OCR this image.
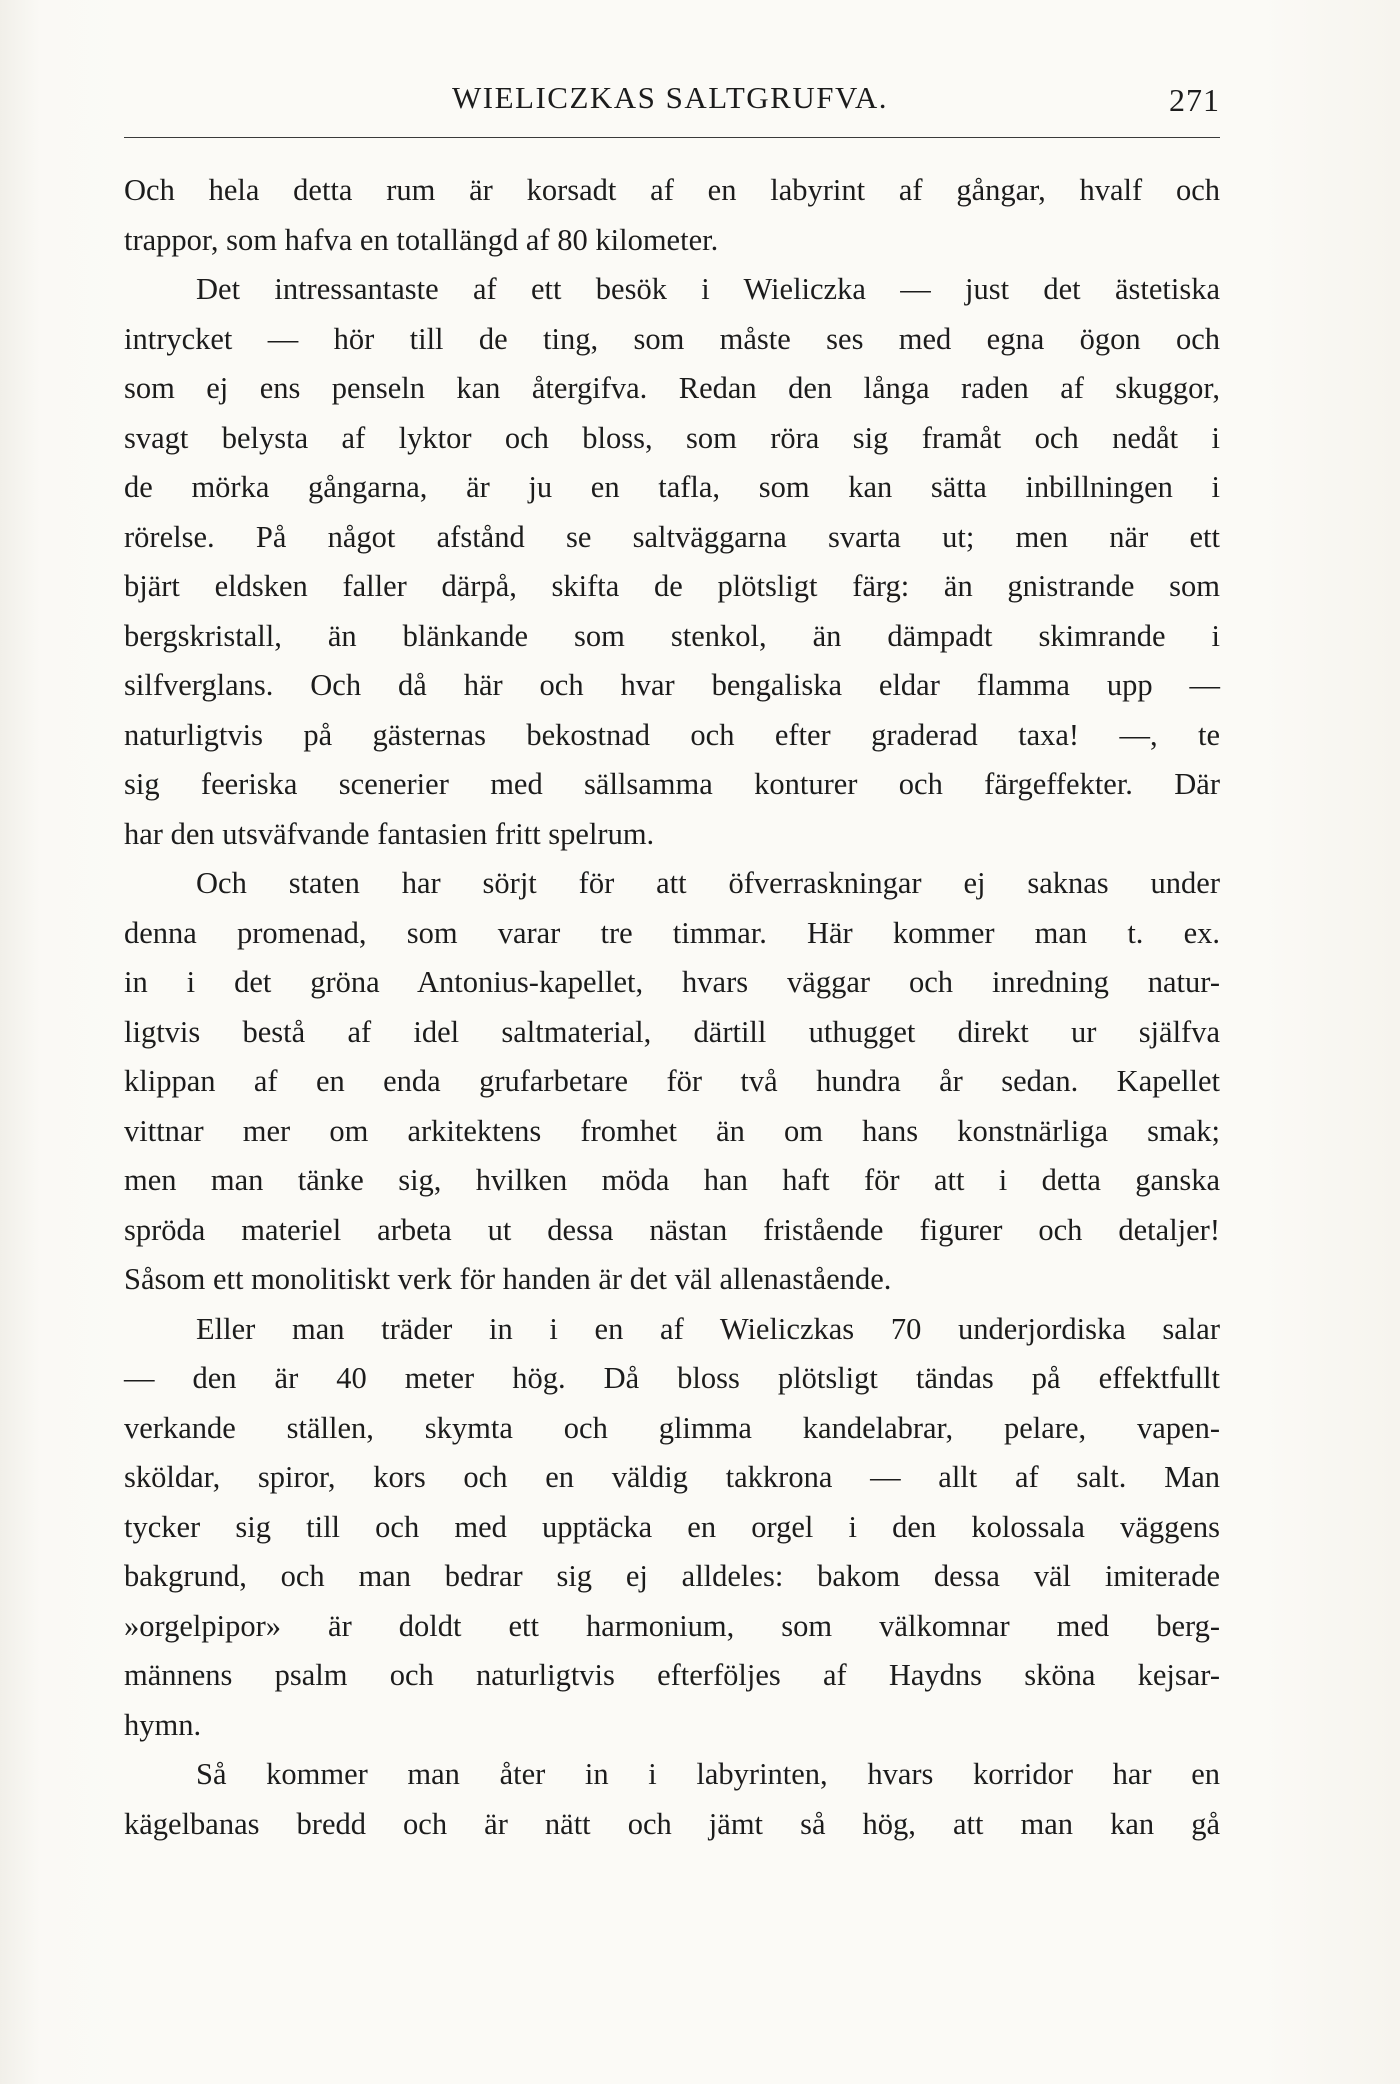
WIELICZKAS SALTGRUFVA.	271
Och hela detta rum är korsadt af en labyrint af gångar, hvalf och
trappor, som hafva en totallängd af 80 kilometer.
Det intressantaste af ett besök i Wieliczka — just det ästetiska
intrycket — hör till de ting, som måste ses med egna ögon och
som ej ens penseln kan återgifva. Redan den långa raden af skuggor,
svagt belysta af lyktor och bloss, som röra sig framåt och nedåt i
de mörka gångarna, är ju en tafla, som kan sätta inbillningen i
rörelse. På något afstånd se saltväggarna svarta ut; men när ett
bjärt eldsken faller därpå, skifta de plötsligt färg: än gnistrande som
bergskristall, än blänkande som stenkol, än dämpadt skimrande i
silfverglans. Och då här och hvar bengaliska eldar flamma upp —
naturligtvis på gästernas bekostnad och efter graderad taxa! —, te
sig feeriska scenerier med sällsamma konturer och färgeffekter. Där
har den utsväfvande fantasien fritt spelrum.
Och staten har sörjt för att öfverraskningar ej saknas under
denna promenad, som varar tre timmar. Här kommer man t. ex.
in i det gröna Antonius-kapellet, hvars väggar och inredning natur-
ligtvis bestå af idel saltmaterial, därtill uthugget direkt ur själfva
klippan af en enda grufarbetare för två hundra år sedan. Kapellet
vittnar mer om arkitektens fromhet än om hans konstnärliga smak;
men man tänke sig, hvilken möda han haft för att i detta ganska
spröda materiel arbeta ut dessa nästan fristående figurer och detaljer!
Såsom ett monolitiskt verk för handen är det väl allenastående.
Eller man träder in i en af Wieliczkas 70 underjordiska salar
— den är 40 meter hög. Då bloss plötsligt tändas på effektfullt
verkande ställen, skymta och glimma kandelabrar, pelare, vapen-
sköldar, spiror, kors och en väldig takkrona — allt af salt. Man
tycker sig till och med upptäcka en orgel i den kolossala väggens
bakgrund, och man bedrar sig ej alldeles: bakom dessa väl imiterade
»orgelpipor» är doldt ett harmonium, som välkomnar med berg-
männens psalm och naturligtvis efterföljes af Haydns sköna kejsar-
hymn.
Så kommer man åter in i labyrinten, hvars korridor har en
kägelbanas bredd och är nätt och jämt så hög, att man kan gå
